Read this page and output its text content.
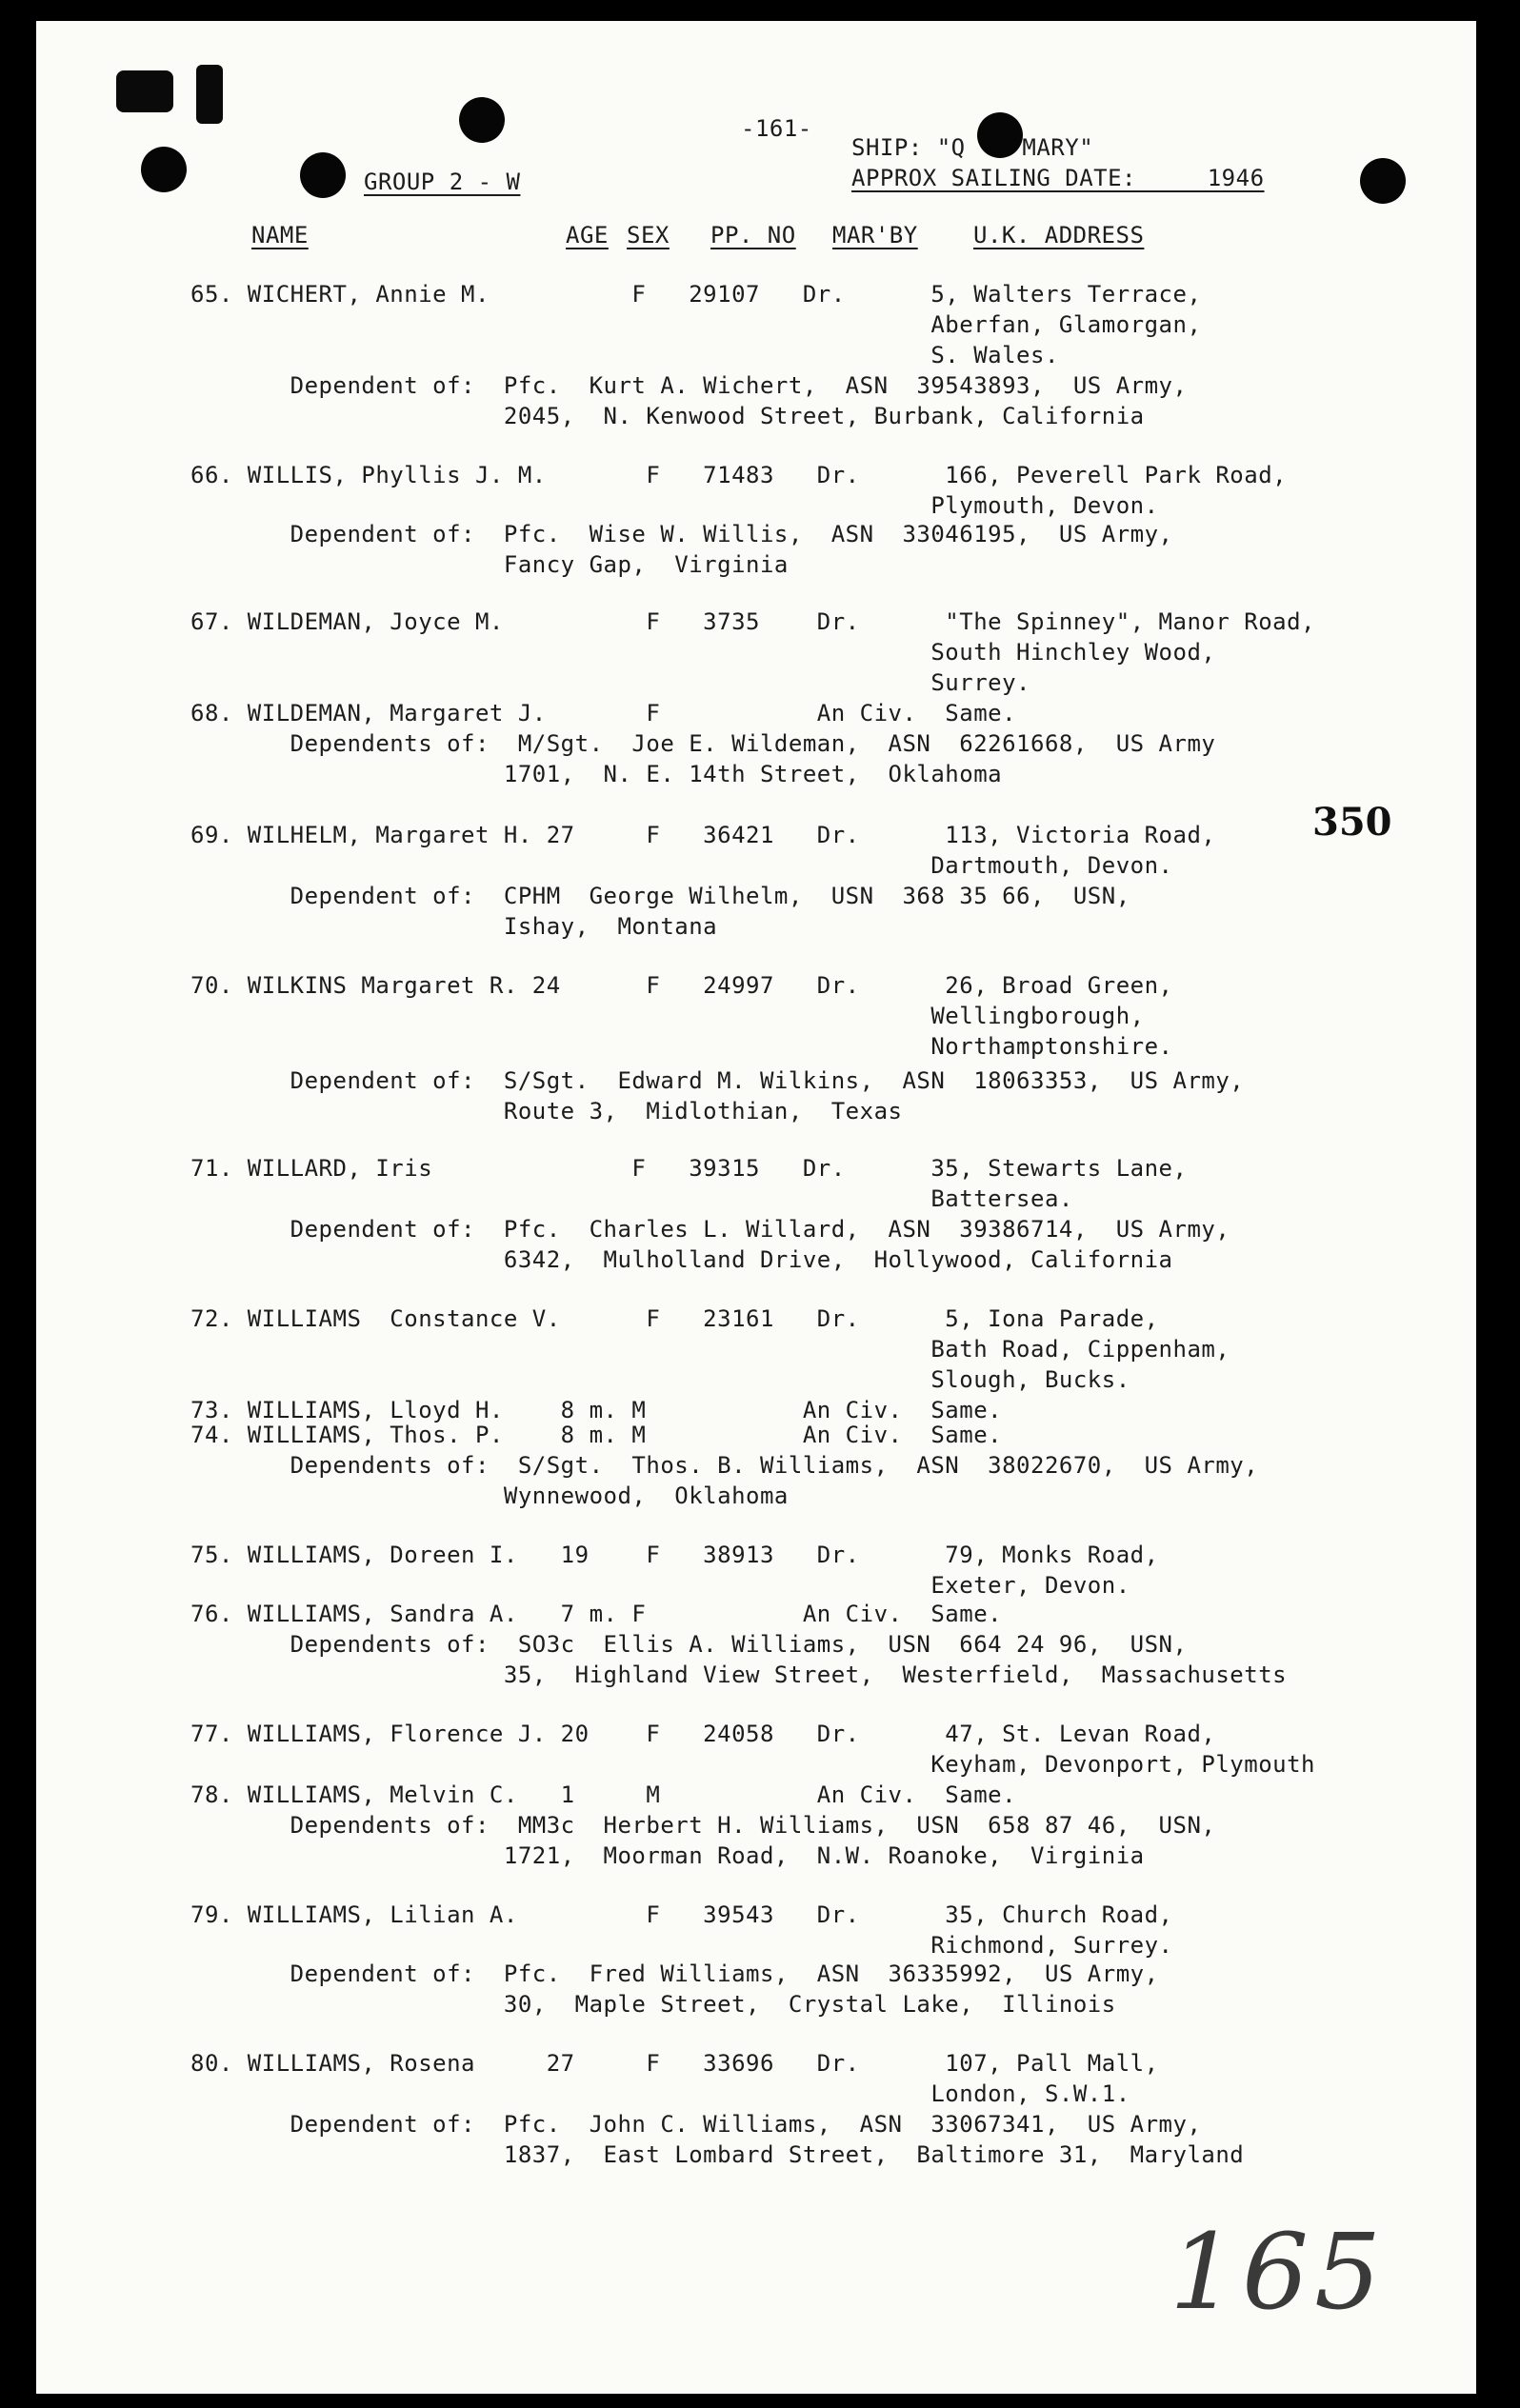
-161-
SHIP: "Q    MARY"
APPROX SAILING DATE:     1946
GROUP 2 - W
NAME	AGE SEX PP. NO MAR'BY U.K. ADDRESS
65. WICHERT, Annie M.          F   29107   Dr.      5, Walters Terrace,
Aberfan, Glamorgan,
S. Wales.
Dependent of:  Pfc.  Kurt A. Wichert,  ASN  39543893,  US Army,
2045,  N. Kenwood Street, Burbank, California
66. WILLIS, Phyllis J. M.       F   71483   Dr.      166, Peverell Park Road,
Plymouth, Devon.
Dependent of:  Pfc.  Wise W. Willis,  ASN  33046195,  US Army,
Fancy Gap,  Virginia
67. WILDEMAN, Joyce M.          F   3735    Dr.      "The Spinney", Manor Road,
South Hinchley Wood,
Surrey.
68. WILDEMAN, Margaret J.       F           An Civ.  Same.
Dependents of:  M/Sgt.  Joe E. Wildeman,  ASN  62261668,  US Army
1701,  N. E. 14th Street,  Oklahoma
69. WILHELM, Margaret H. 27     F   36421   Dr.      113, Victoria Road,
Dartmouth, Devon.
Dependent of:  CPHM  George Wilhelm,  USN  368 35 66,  USN,
Ishay,  Montana
70. WILKINS Margaret R. 24      F   24997   Dr.      26, Broad Green,
Wellingborough,
Northamptonshire.
Dependent of:  S/Sgt.  Edward M. Wilkins,  ASN  18063353,  US Army,
Route 3,  Midlothian,  Texas
71. WILLARD, Iris              F   39315   Dr.      35, Stewarts Lane,
Battersea.
Dependent of:  Pfc.  Charles L. Willard,  ASN  39386714,  US Army,
6342,  Mulholland Drive,  Hollywood, California
72. WILLIAMS  Constance V.      F   23161   Dr.      5, Iona Parade,
Bath Road, Cippenham,
Slough, Bucks.
73. WILLIAMS, Lloyd H.    8 m. M           An Civ.  Same.
74. WILLIAMS, Thos. P.    8 m. M           An Civ.  Same.
Dependents of:  S/Sgt.  Thos. B. Williams,  ASN  38022670,  US Army,
Wynnewood,  Oklahoma
75. WILLIAMS, Doreen I.   19    F   38913   Dr.      79, Monks Road,
Exeter, Devon.
76. WILLIAMS, Sandra A.   7 m. F           An Civ.  Same.
Dependents of:  SO3c  Ellis A. Williams,  USN  664 24 96,  USN,
35,  Highland View Street,  Westerfield,  Massachusetts
77. WILLIAMS, Florence J. 20    F   24058   Dr.      47, St. Levan Road,
Keyham, Devonport, Plymouth
78. WILLIAMS, Melvin C.   1     M           An Civ.  Same.
Dependents of:  MM3c  Herbert H. Williams,  USN  658 87 46,  USN,
1721,  Moorman Road,  N.W. Roanoke,  Virginia
79. WILLIAMS, Lilian A.         F   39543   Dr.      35, Church Road,
Richmond, Surrey.
Dependent of:  Pfc.  Fred Williams,  ASN  36335992,  US Army,
30,  Maple Street,  Crystal Lake,  Illinois
80. WILLIAMS, Rosena     27     F   33696   Dr.      107, Pall Mall,
London, S.W.1.
Dependent of:  Pfc.  John C. Williams,  ASN  33067341,  US Army,
1837,  East Lombard Street,  Baltimore 31,  Maryland
350
165
